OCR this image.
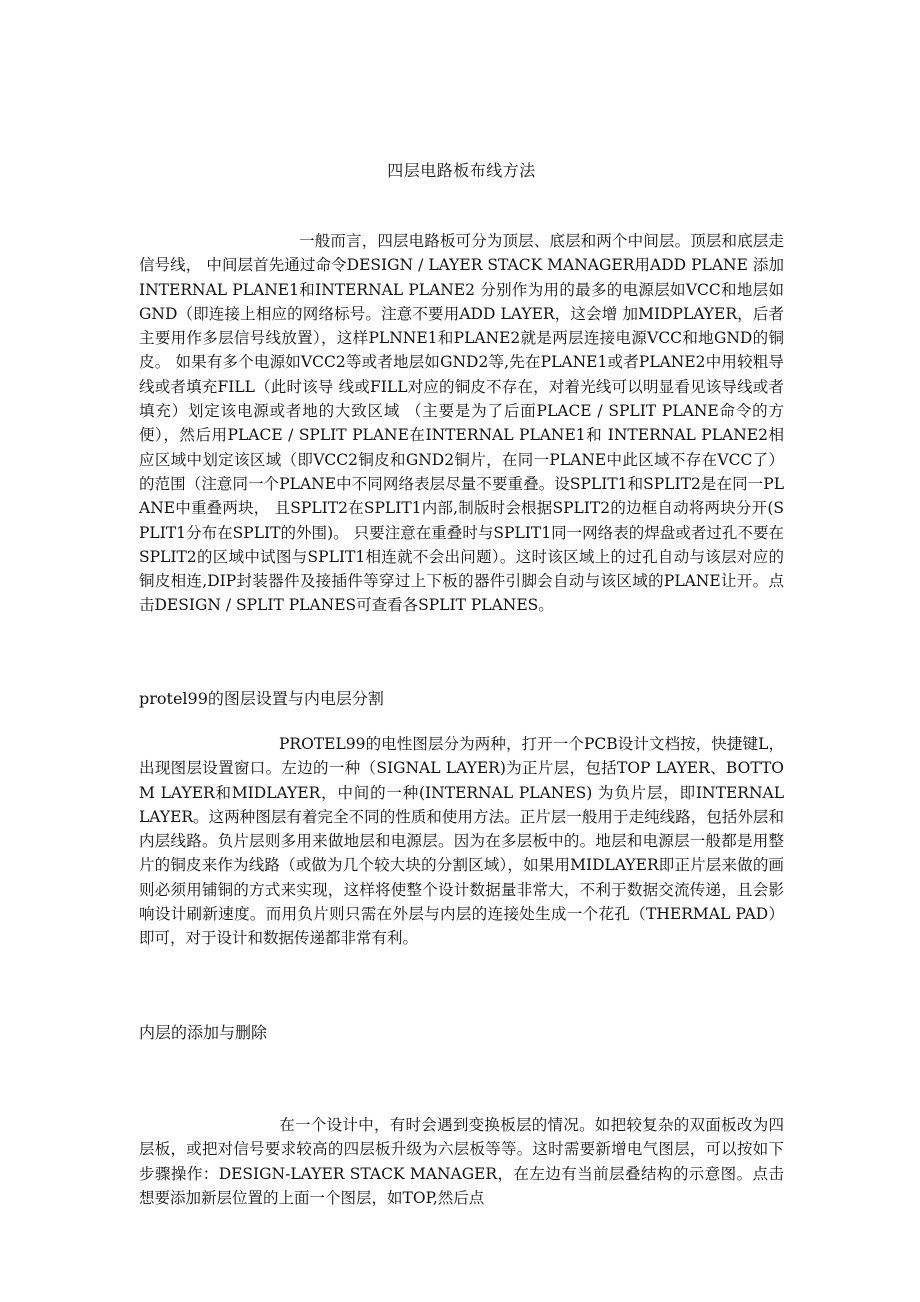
四层电路板布线方法

一般而言，四层电路板可分为顶层、底层和两个中间层。顶层和底层走信号线， 中间层首先通过命令DESIGN / LAYER STACK MANAGER用ADD PLANE 添加 INTERNAL PLANE1和INTERNAL PLANE2 分别作为用的最多的电源层如VCC和地层如GND（即连接上相应的网络标号。注意不要用ADD LAYER，这会增 加MIDPLAYER，后者主要用作多层信号线放置），这样PLNNE1和PLANE2就是两层连接电源VCC和地GND的铜皮。 如果有多个电源如VCC2等或者地层如GND2等,先在PLANE1或者PLANE2中用较粗导线或者填充FILL（此时该导 线或FILL对应的铜皮不存在，对着光线可以明显看见该导线或者填充）划定该电源或者地的大致区域 （主要是为了后面PLACE / SPLIT PLANE命令的方便），然后用PLACE / SPLIT PLANE在INTERNAL PLANE1和 INTERNAL PLANE2相应区域中划定该区域（即VCC2铜皮和GND2铜片，在同一PLANE中此区域不存在VCC了）的范围（注意同一个PLANE中不同网络表层尽量不要重叠。设SPLIT1和SPLIT2是在同一PLANE中重叠两块， 且SPLIT2在SPLIT1内部,制版时会根据SPLIT2的边框自动将两块分开(SPLIT1分布在SPLIT的外围)。 只要注意在重叠时与SPLIT1同一网络表的焊盘或者过孔不要在SPLIT2的区域中试图与SPLIT1相连就不会出问题）。这时该区域上的过孔自动与该层对应的铜皮相连,DIP封装器件及接插件等穿过上下板的器件引脚会自动与该区域的PLANE让开。点击DESIGN / SPLIT PLANES可查看各SPLIT PLANES。

protel99的图层设置与内电层分割

PROTEL99的电性图层分为两种，打开一个PCB设计文档按，快捷键L，出现图层设置窗口。左边的一种（SIGNAL LAYER)为正片层，包括TOP LAYER、BOTTOM LAYER和MIDLAYER，中间的一种(INTERNAL PLANES) 为负片层，即INTERNAL LAYER。这两种图层有着完全不同的性质和使用方法。正片层一般用于走纯线路，包括外层和内层线路。负片层则多用来做地层和电源层。因为在多层板中的。地层和电源层一般都是用整片的铜皮来作为线路（或做为几个较大块的分割区域），如果用MIDLAYER即正片层来做的画则必须用铺铜的方式来实现，这样将使整个设计数据量非常大，不利于数据交流传递，且会影响设计刷新速度。而用负片则只需在外层与内层的连接处生成一个花孔（THERMAL PAD）即可，对于设计和数据传递都非常有利。

内层的添加与删除

在一个设计中，有时会遇到变换板层的情况。如把较复杂的双面板改为四层板，或把对信号要求较高的四层板升级为六层板等等。这时需要新增电气图层，可以按如下步骤操作：DESIGN-LAYER STACK MANAGER，在左边有当前层叠结构的示意图。点击想要添加新层位置的上面一个图层，如TOP,然后点
